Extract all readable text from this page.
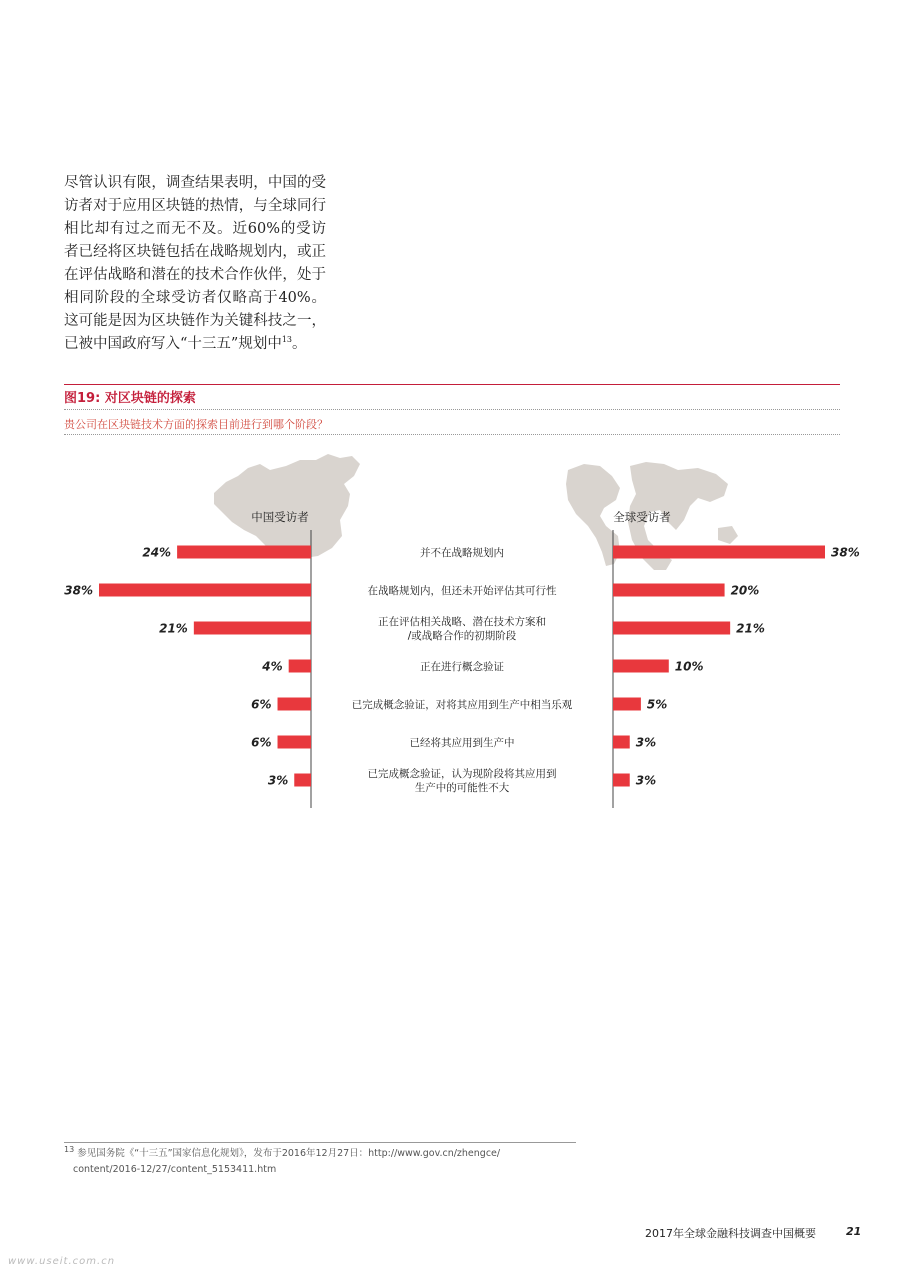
尽管认识有限，调查结果表明，中国的受访者对于应用区块链的热情，与全球同行相比却有过之而无不及。近60%的受访者已经将区块链包括在战略规划内，或正在评估战略和潜在的技术合作伙伴，处于相同阶段的全球受访者仅略高于40%。这可能是因为区块链作为关键科技之一，已被中国政府写入“十三五”规划中$^{13}$。

图19: 对区块链的探索

贵公司在区块链技术方面的探索目前进行到哪个阶段？

中国受访者	全球受访者
24%	38%
并不在战略规划内
38%	20%
在战略规划内，但还未开始评估其可行性
21%	21%
正在评估相关战略、潜在技术方案和
/或战略合作的初期阶段
4%	10%
正在进行概念验证
6%	5%
已完成概念验证，对将其应用到生产中相当乐观
6%	3%
已经将其应用到生产中
3%	3%
已完成概念验证，认为现阶段将其应用到
生产中的可能性不大

$^{13}$ 参见国务院《“十三五”国家信息化规划》，发布于2016年12月27日：http://www.gov.cn/zhengce/
content/2016-12/27/content_5153411.htm

2017年全球金融科技调查中国概要	21
www.useit.com.cn
